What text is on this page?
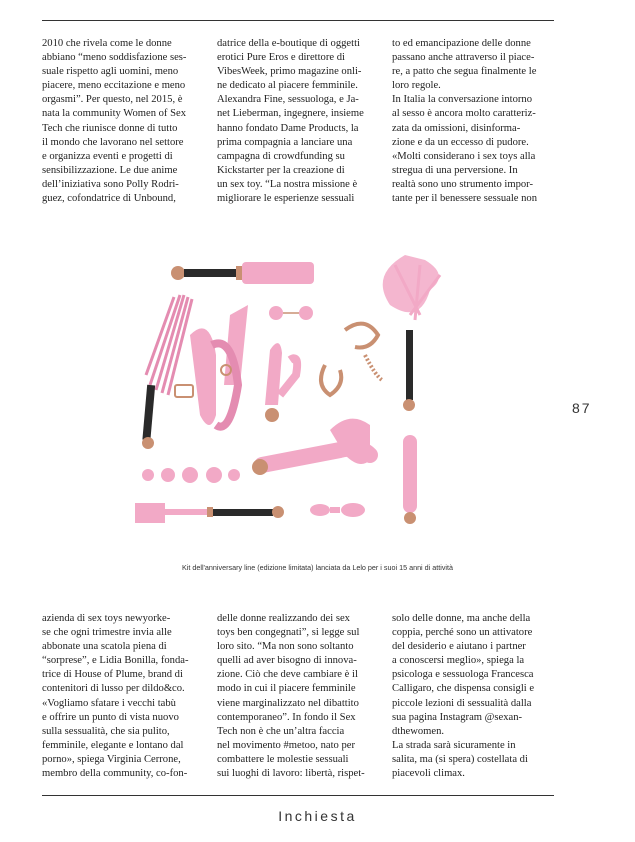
2010 che rivela come le donne

abbiano “meno soddisfazione ses-

suale rispetto agli uomini, meno

piacere, meno eccitazione e meno

orgasmi”. Per questo, nel 2015, è

nata la community Women of Sex

Tech che riunisce donne di tutto

il mondo che lavorano nel settore

e organizza eventi e progetti di

sensibilizzazione. Le due anime

dell’iniziativa sono Polly Rodri-

guez, cofondatrice di Unbound,

datrice della e-boutique di oggetti

erotici Pure Eros e direttore di

VibesWeek, primo magazine onli-

ne dedicato al piacere femminile.

Alexandra Fine, sessuologa, e Ja-

net Lieberman, ingegnere, insieme

hanno fondato Dame Products, la

prima compagnia a lanciare una

campagna di crowdfunding su

Kickstarter per la creazione di

un sex toy. “La nostra missione è

migliorare le esperienze sessuali

to ed emancipazione delle donne

passano anche attraverso il piace-

re, a patto che segua finalmente le

loro regole.

In Italia la conversazione intorno

al sesso è ancora molto caratteriz-

zata da omissioni, disinforma-

zione e da un eccesso di pudore.

«Molti considerano i sex toys alla

stregua di una perversione. In

realtà sono uno strumento impor-

tante per il benessere sessuale non

87
Kit dell'anniversary line (edizione limitata) lanciata da Lelo per i suoi 15 anni di attività

azienda di sex toys newyorke-

se che ogni trimestre invia alle

abbonate una scatola piena di

“sorprese”, e Lidia Bonilla, fonda-

trice di House of Plume, brand di

contenitori di lusso per dildo&co.

«Vogliamo sfatare i vecchi tabù

e offrire un punto di vista nuovo

sulla sessualità, che sia pulito,

femminile, elegante e lontano dal

porno», spiega Virginia Cerrone,

membro della community, co-fon-

delle donne realizzando dei sex

toys ben congegnati”, si legge sul

loro sito. “Ma non sono soltanto

quelli ad aver bisogno di innova-

zione. Ciò che deve cambiare è il

modo in cui il piacere femminile

viene marginalizzato nel dibattito

contemporaneo”. In fondo il Sex

Tech non è che un’altra faccia

nel movimento #metoo, nato per

combattere le molestie sessuali

sui luoghi di lavoro: libertà, rispet-

solo delle donne, ma anche della

coppia, perché sono un attivatore

del desiderio e aiutano i partner

a conoscersi meglio», spiega la

psicologa e sessuologa Francesca

Calligaro, che dispensa consigli e

piccole lezioni di sessualità dalla

sua pagina Instagram @sexan-

dthewomen.

La strada sarà sicuramente in

salita, ma (si spera) costellata di

piacevoli climax.

Inchiesta
